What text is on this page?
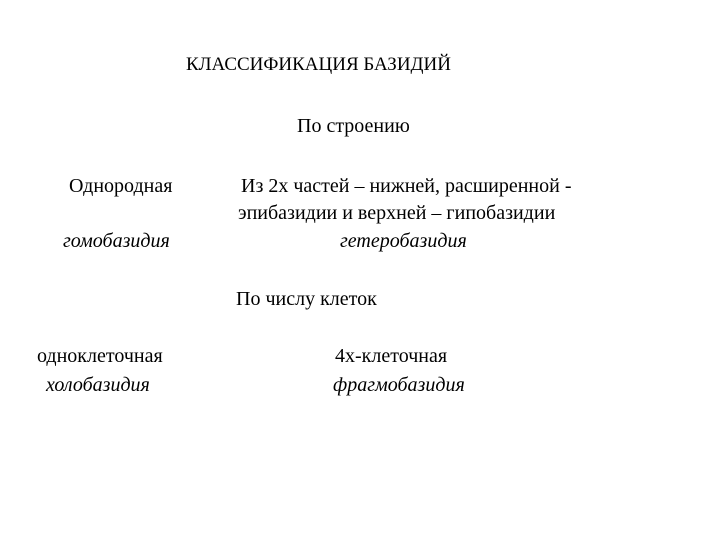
КЛАССИФИКАЦИЯ БАЗИДИЙ
По строению
Однородная
гомобазидия
Из 2х частей – нижней, расширенной -
эпибазидии и верхней – гипобазидии
гетеробазидия
По числу клеток
одноклеточная
холобазидия
4х-клеточная
фрагмобазидия
